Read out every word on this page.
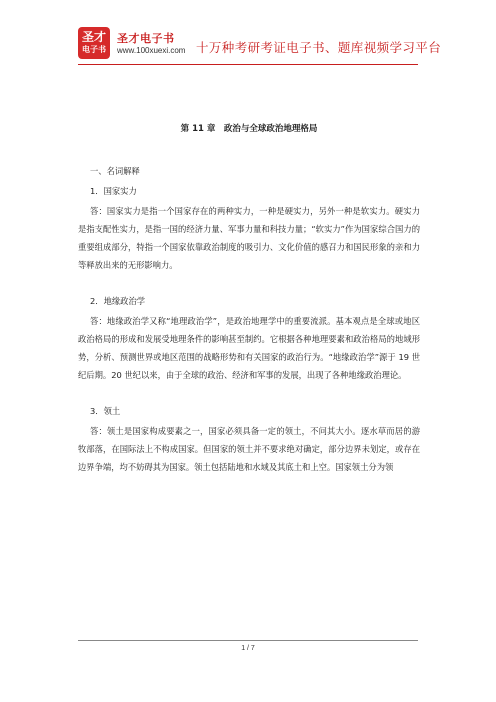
圣才
电子书
圣才电子书
www.100xuexi.com 十万种考研考证电子书、题库视频学习平台
第 11 章　政治与全球政治地理格局
一、名词解释
1．国家实力
答：国家实力是指一个国家存在的两种实力，一种是硬实力，另外一种是软实力。硬实力是指支配性实力，是指一国的经济力量、军事力量和科技力量；“软实力”作为国家综合国力的重要组成部分，特指一个国家依靠政治制度的吸引力、文化价值的感召力和国民形象的亲和力等释放出来的无形影响力。
2．地缘政治学
答：地缘政治学又称“地理政治学”，是政治地理学中的重要流派。基本观点是全球或地区政治格局的形成和发展受地理条件的影响甚至制约。它根据各种地理要素和政治格局的地域形势，分析、预测世界或地区范围的战略形势和有关国家的政治行为。“地缘政治学”源于 19 世纪后期。20 世纪以来，由于全球的政治、经济和军事的发展，出现了各种地缘政治理论。
3．领土
答：领土是国家构成要素之一，国家必须具备一定的领土，不问其大小。逐水草而居的游牧部落，在国际法上不构成国家。但国家的领土并不要求绝对确定，部分边界未划定，或存在边界争端，均不妨碍其为国家。领土包括陆地和水域及其底土和上空。国家领土分为领
1 / 7
